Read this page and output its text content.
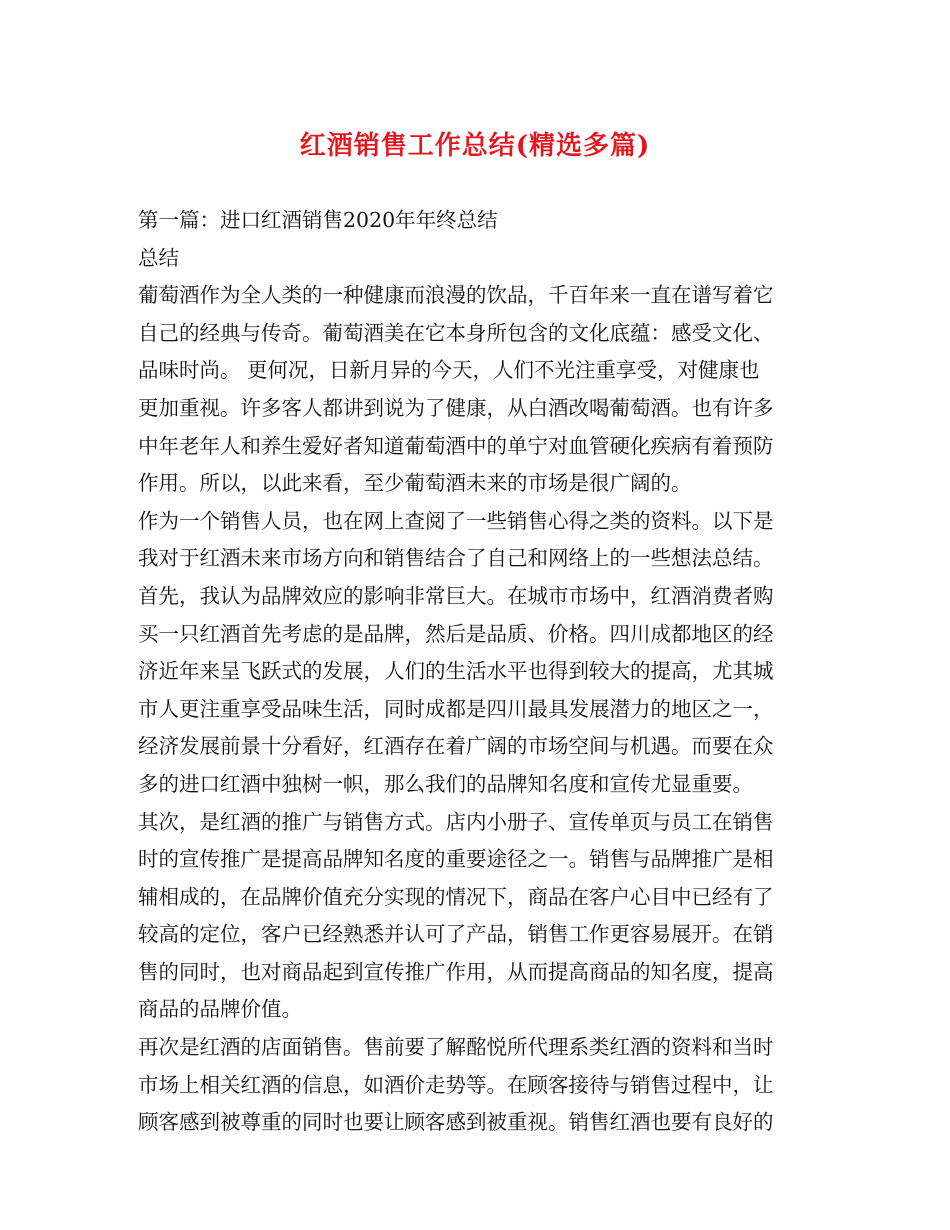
红酒销售工作总结(精选多篇)
第一篇：进口红酒销售2020年年终总结
总结
葡萄酒作为全人类的一种健康而浪漫的饮品，千百年来一直在谱写着它
自己的经典与传奇。葡萄酒美在它本身所包含的文化底蕴：感受文化、
品味时尚。 更何况，日新月异的今天，人们不光注重享受，对健康也
更加重视。许多客人都讲到说为了健康，从白酒改喝葡萄酒。也有许多
中年老年人和养生爱好者知道葡萄酒中的单宁对血管硬化疾病有着预防
作用。所以，以此来看，至少葡萄酒未来的市场是很广阔的。
作为一个销售人员，也在网上查阅了一些销售心得之类的资料。以下是
我对于红酒未来市场方向和销售结合了自己和网络上的一些想法总结。
首先，我认为品牌效应的影响非常巨大。在城市市场中，红酒消费者购
买一只红酒首先考虑的是品牌，然后是品质、价格。四川成都地区的经
济近年来呈飞跃式的发展，人们的生活水平也得到较大的提高，尤其城
市人更注重享受品味生活，同时成都是四川最具发展潜力的地区之一，
经济发展前景十分看好，红酒存在着广阔的市场空间与机遇。而要在众
多的进口红酒中独树一帜，那么我们的品牌知名度和宣传尤显重要。
其次，是红酒的推广与销售方式。店内小册子、宣传单页与员工在销售
时的宣传推广是提高品牌知名度的重要途径之一。销售与品牌推广是相
辅相成的，在品牌价值充分实现的情况下，商品在客户心目中已经有了
较高的定位，客户已经熟悉并认可了产品，销售工作更容易展开。在销
售的同时，也对商品起到宣传推广作用，从而提高商品的知名度，提高
商品的品牌价值。
再次是红酒的店面销售。售前要了解酩悦所代理系类红酒的资料和当时
市场上相关红酒的信息，如酒价走势等。在顾客接待与销售过程中，让
顾客感到被尊重的同时也要让顾客感到被重视。销售红酒也要有良好的
